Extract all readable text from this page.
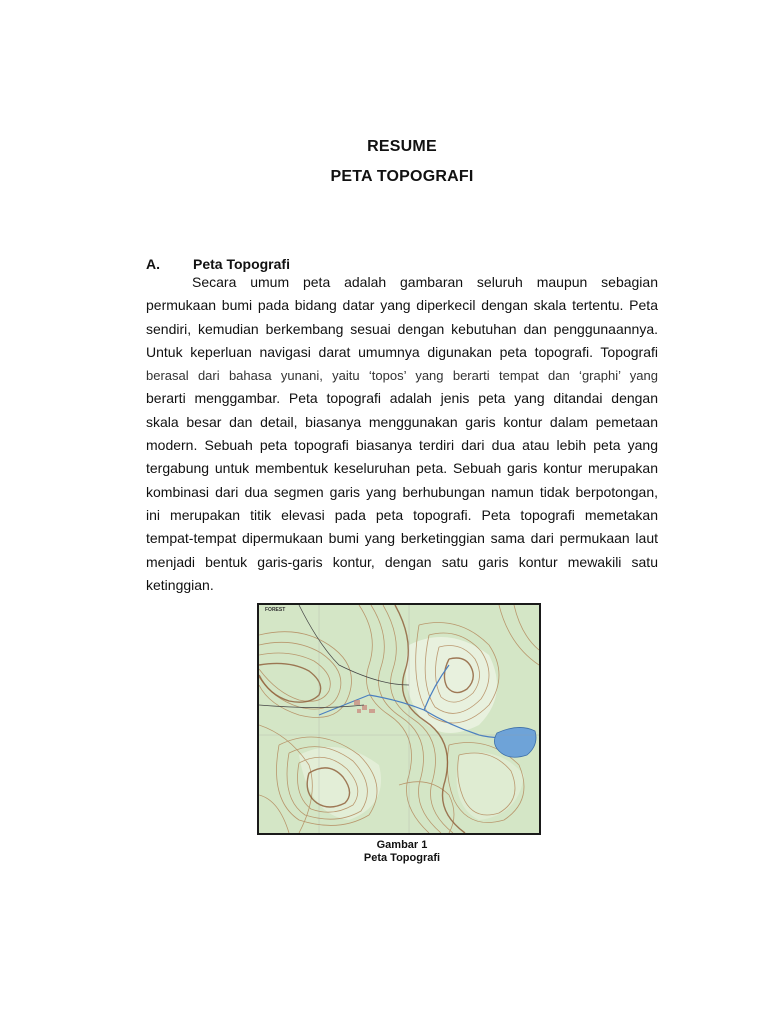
RESUME
PETA TOPOGRAFI
A. Peta Topografi
Secara umum peta adalah gambaran seluruh maupun sebagian
permukaan bumi pada bidang datar yang diperkecil dengan skala tertentu. Peta
sendiri, kemudian berkembang sesuai dengan kebutuhan dan penggunaannya.
Untuk keperluan navigasi darat umumnya digunakan peta topografi. Topografi
berasal dari bahasa yunani, yaitu ‘topos’ yang berarti tempat dan ‘graphi’ yang
berarti menggambar. Peta topografi adalah jenis peta yang ditandai dengan
skala besar dan detail, biasanya menggunakan garis kontur dalam pemetaan
modern. Sebuah peta topografi biasanya terdiri dari dua atau lebih peta yang
tergabung untuk membentuk keseluruhan peta. Sebuah garis kontur merupakan
kombinasi dari dua segmen garis yang berhubungan namun tidak berpotongan,
ini merupakan titik elevasi pada peta topografi. Peta topografi memetakan
tempat-tempat dipermukaan bumi yang berketinggian sama dari permukaan laut
menjadi bentuk garis-garis kontur, dengan satu garis kontur mewakili satu
ketinggian.
FOREST
Gambar 1
Peta Topografi
